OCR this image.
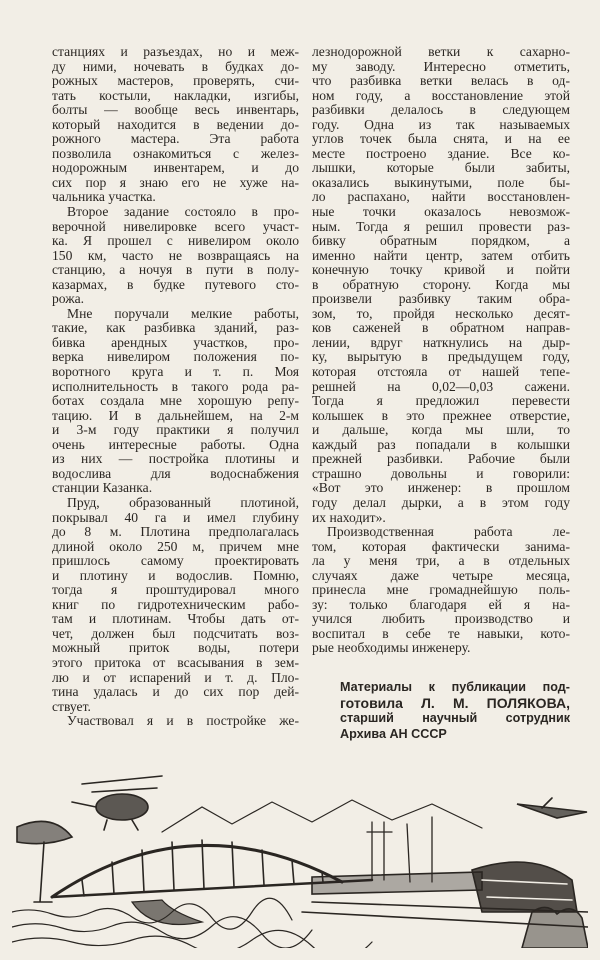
станциях и разъездах, но и меж-
ду ними, ночевать в будках до-
рожных мастеров, проверять, счи-
тать костыли, накладки, изгибы,
болты — вообще весь инвентарь,
который находится в ведении до-
рожного мастера. Эта работа
позволила ознакомиться с желез-
нодорожным инвентарем, и до
сих пор я знаю его не хуже на-
чальника участка.
Второе задание состояло в про-
верочной нивелировке всего участ-
ка. Я прошел с нивелиром около
150 км, часто не возвращаясь на
станцию, а ночуя в пути в полу-
казармах, в будке путевого сто-
рожа.
Мне поручали мелкие работы,
такие, как разбивка зданий, раз-
бивка арендных участков, про-
верка нивелиром положения по-
воротного круга и т. п. Моя
исполнительность в такого рода ра-
ботах создала мне хорошую репу-
тацию. И в дальнейшем, на 2-м
и 3-м году практики я получил
очень интересные работы. Одна
из них — постройка плотины и
водослива для водоснабжения
станции Казанка.
Пруд, образованный плотиной,
покрывал 40 га и имел глубину
до 8 м. Плотина предполагалась
длиной около 250 м, причем мне
пришлось самому проектировать
и плотину и водослив. Помню,
тогда я проштудировал много
книг по гидротехническим рабо-
там и плотинам. Чтобы дать от-
чет, должен был подсчитать воз-
можный приток воды, потери
этого притока от всасывания в зем-
лю и от испарений и т. д. Пло-
тина удалась и до сих пор дей-
ствует.
Участвовал я и в постройке же-
лезнодорожной ветки к сахарно-
му заводу. Интересно отметить,
что разбивка ветки велась в од-
ном году, а восстановление этой
разбивки делалось в следующем
году. Одна из так называемых
углов точек была снята, и на ее
месте построено здание. Все ко-
лышки, которые были забиты,
оказались выкинутыми, поле бы-
ло распахано, найти восстановлен-
ные точки оказалось невозмож-
ным. Тогда я решил провести раз-
бивку обратным порядком, а
именно найти центр, затем отбить
конечную точку кривой и пойти
в обратную сторону. Когда мы
произвели разбивку таким обра-
зом, то, пройдя несколько десят-
ков саженей в обратном направ-
лении, вдруг наткнулись на дыр-
ку, вырытую в предыдущем году,
которая отстояла от нашей тепе-
решней на 0,02—0,03 сажени.
Тогда я предложил перевести
колышек в это прежнее отверстие,
и дальше, когда мы шли, то
каждый раз попадали в колышки
прежней разбивки. Рабочие были
страшно довольны и говорили:
«Вот это инженер: в прошлом
году делал дырки, а в этом году
их находит».
Производственная работа ле-
том, которая фактически занима-
ла у меня три, а в отдельных
случаях даже четыре месяца,
принесла мне громаднейшую поль-
зу: только благодаря ей я на-
учился любить производство и
воспитал в себе те навыки, кото-
рые необходимы инженеру.
Материалы к публикации под-
готовила Л. М. ПОЛЯКОВА,
старший научный сотрудник
Архива АН СССР
